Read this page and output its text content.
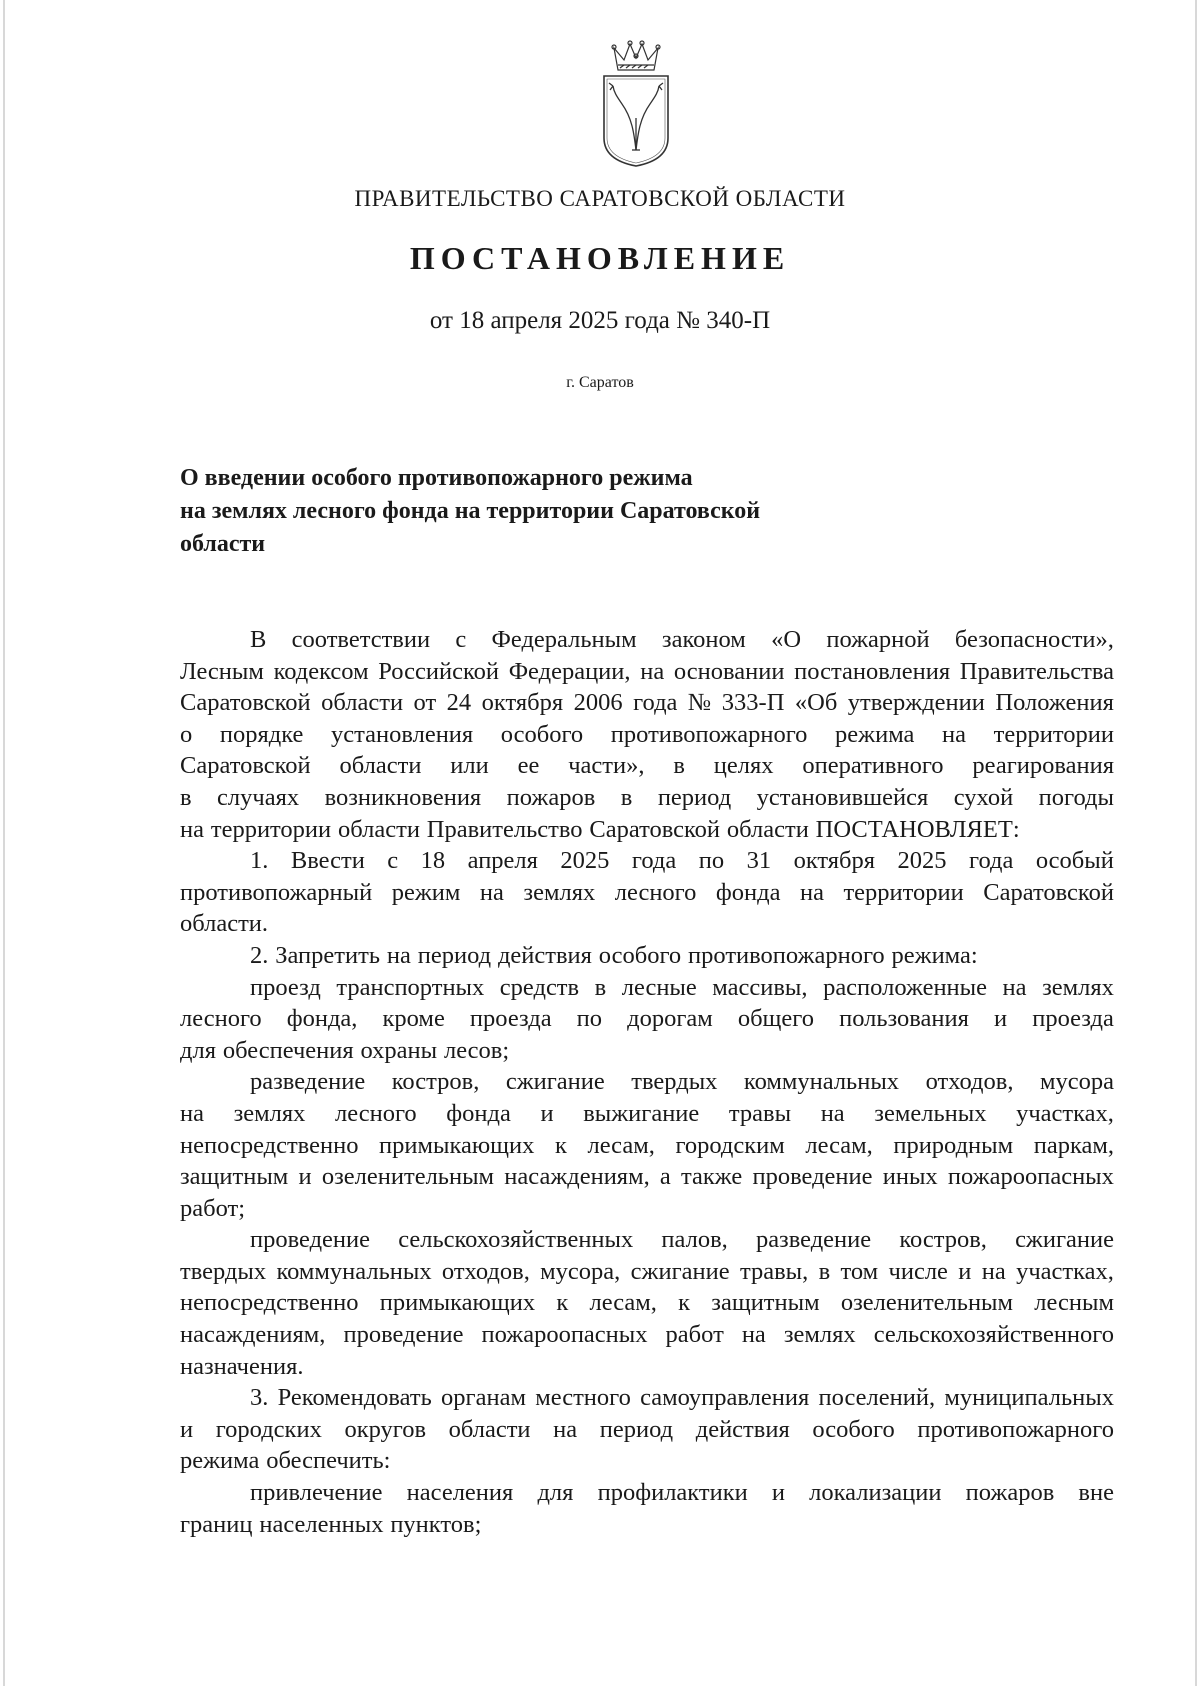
ПРАВИТЕЛЬСТВО САРАТОВСКОЙ ОБЛАСТИ
ПОСТАНОВЛЕНИЕ
от 18 апреля 2025 года № 340-П
г. Саратов
О введении особого противопожарного режима
на землях лесного фонда на территории Саратовской
области
В соответствии с Федеральным законом «О пожарной безопасности»,
Лесным кодексом Российской Федерации, на основании постановления Правительства
Саратовской области от 24 октября 2006 года № 333-П «Об утверждении Положения
о порядке установления особого противопожарного режима на территории
Саратовской области или ее части», в целях оперативного реагирования
в случаях возникновения пожаров в период установившейся сухой погоды
на территории области Правительство Саратовской области ПОСТАНОВЛЯЕТ:
1. Ввести с 18 апреля 2025 года по 31 октября 2025 года особый
противопожарный режим на землях лесного фонда на территории Саратовской
области.
2. Запретить на период действия особого противопожарного режима:
проезд транспортных средств в лесные массивы, расположенные на землях
лесного фонда, кроме проезда по дорогам общего пользования и проезда
для обеспечения охраны лесов;
разведение костров, сжигание твердых коммунальных отходов, мусора
на землях лесного фонда и выжигание травы на земельных участках,
непосредственно примыкающих к лесам, городским лесам, природным паркам,
защитным и озеленительным насаждениям, а также проведение иных пожароопасных
работ;
проведение сельскохозяйственных палов, разведение костров, сжигание
твердых коммунальных отходов, мусора, сжигание травы, в том числе и на участках,
непосредственно примыкающих к лесам, к защитным озеленительным лесным
насаждениям, проведение пожароопасных работ на землях сельскохозяйственного
назначения.
3. Рекомендовать органам местного самоуправления поселений, муниципальных
и городских округов области на период действия особого противопожарного
режима обеспечить:
привлечение населения для профилактики и локализации пожаров вне
границ населенных пунктов;
